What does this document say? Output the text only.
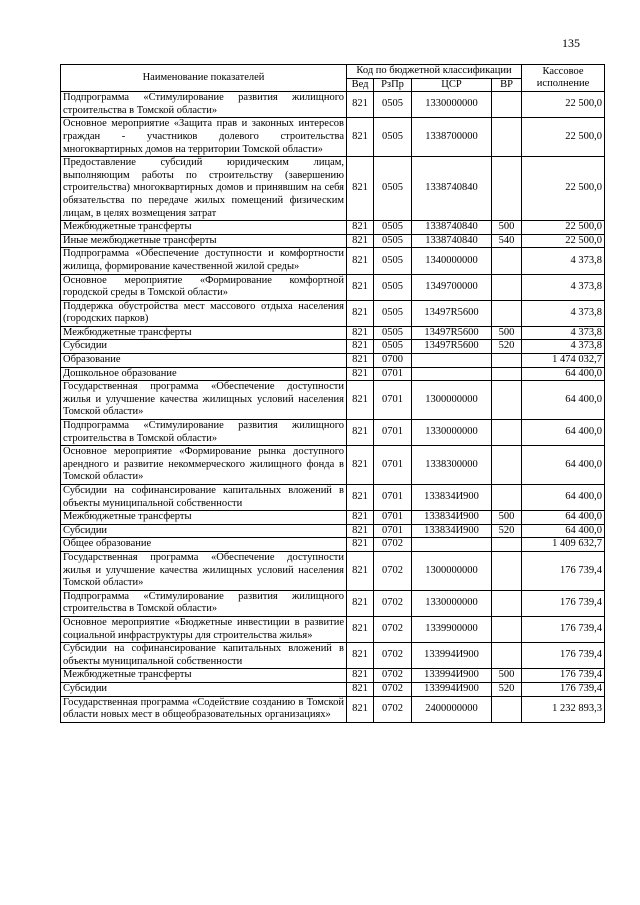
135
Наименование показателей	Код по бюджетной классификации				Кассовое исполнение
	Вед	РзПр	ЦСР	ВР	
Подпрограмма «Стимулирование развития жилищного строительства в Томской области»	821	0505	1330000000		22 500,0
Основное мероприятие «Защита прав и законных интересов граждан - участников долевого строительства многоквартирных домов на территории Томской области»	821	0505	1338700000		22 500,0
Предоставление субсидий юридическим лицам, выполняющим работы по строительству (завершению строительства) многоквартирных домов и принявшим на себя обязательства по передаче жилых помещений физическим лицам, в целях возмещения затрат	821	0505	1338740840		22 500,0
Межбюджетные трансферты	821	0505	1338740840	500	22 500,0
Иные межбюджетные трансферты	821	0505	1338740840	540	22 500,0
Подпрограмма «Обеспечение доступности и комфортности жилища, формирование качественной жилой среды»	821	0505	1340000000		4 373,8
Основное мероприятие «Формирование комфортной городской среды в Томской области»	821	0505	1349700000		4 373,8
Поддержка обустройства мест массового отдыха населения (городских парков)	821	0505	13497R5600		4 373,8
Межбюджетные трансферты	821	0505	13497R5600	500	4 373,8
Субсидии	821	0505	13497R5600	520	4 373,8
Образование	821	0700			1 474 032,7
Дошкольное образование	821	0701			64 400,0
Государственная программа «Обеспечение доступности жилья и улучшение качества жилищных условий населения Томской области»	821	0701	1300000000		64 400,0
Подпрограмма «Стимулирование развития жилищного строительства в Томской области»	821	0701	1330000000		64 400,0
Основное мероприятие «Формирование рынка доступного арендного и развитие некоммерческого жилищного фонда в Томской области»	821	0701	1338300000		64 400,0
Субсидии на софинансирование капитальных вложений в объекты муниципальной собственности	821	0701	133834И900		64 400,0
Межбюджетные трансферты	821	0701	133834И900	500	64 400,0
Субсидии	821	0701	133834И900	520	64 400,0
Общее образование	821	0702			1 409 632,7
Государственная программа «Обеспечение доступности жилья и улучшение качества жилищных условий населения Томской области»	821	0702	1300000000		176 739,4
Подпрограмма «Стимулирование развития жилищного строительства в Томской области»	821	0702	1330000000		176 739,4
Основное мероприятие «Бюджетные инвестиции в развитие социальной инфраструктуры для строительства жилья»	821	0702	1339900000		176 739,4
Субсидии на софинансирование капитальных вложений в объекты муниципальной собственности	821	0702	133994И900		176 739,4
Межбюджетные трансферты	821	0702	133994И900	500	176 739,4
Субсидии	821	0702	133994И900	520	176 739,4
Государственная программа «Содействие созданию в Томской области новых мест в общеобразовательных организациях»	821	0702	2400000000		1 232 893,3
